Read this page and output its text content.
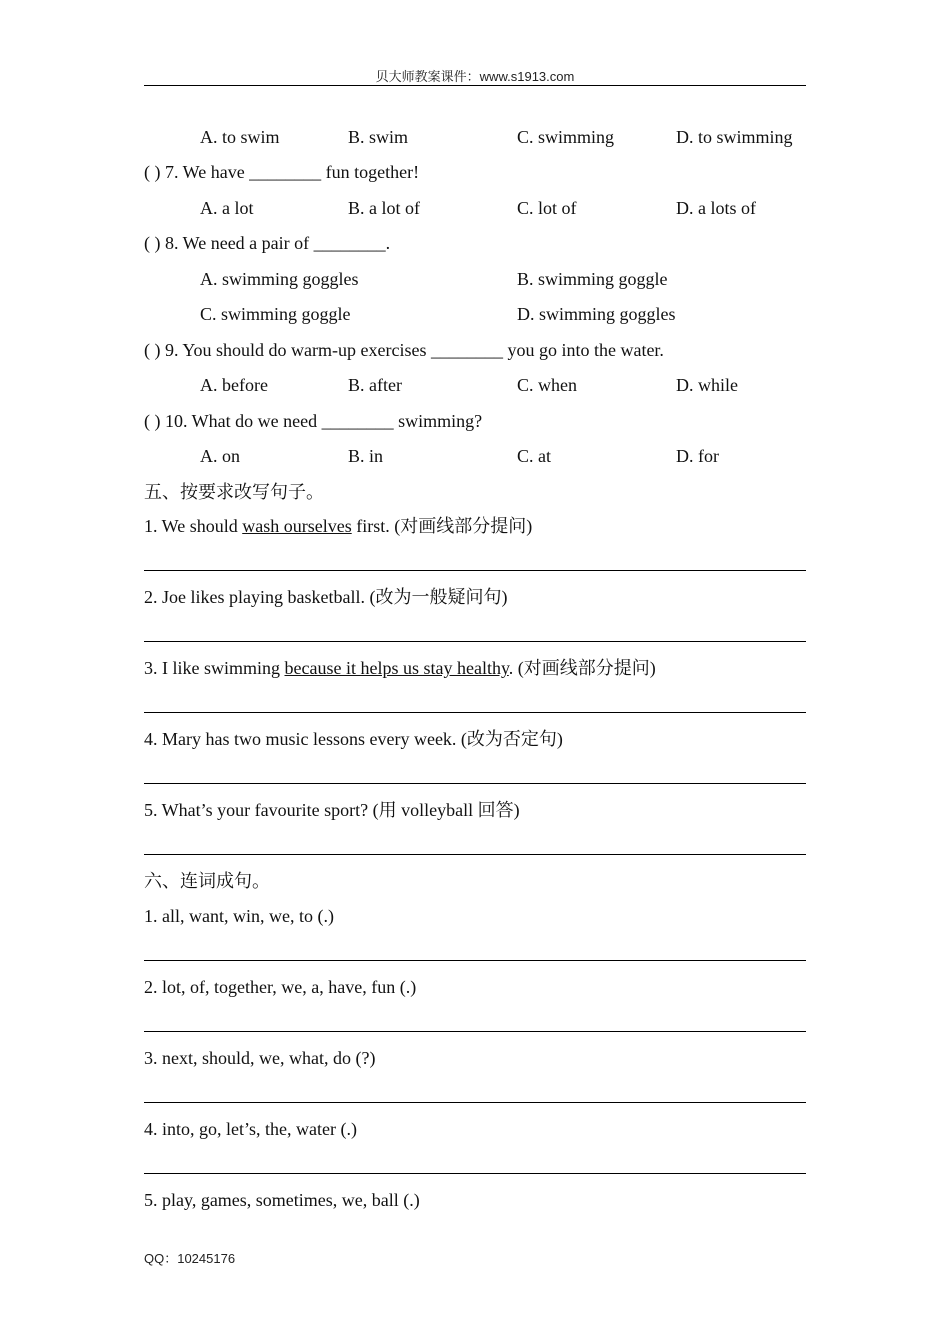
贝大师教案课件：www.s1913.com
A. to swim	B. swim	C. swimming	D. to swimming
( ) 7. We have ________ fun together!
A. a lot	B. a lot of	C. lot of	D. a lots of
( ) 8. We need a pair of ________.
A. swimming goggles	B. swimming goggle
C. swimming goggle	D. swimming goggles
( ) 9. You should do warm-up exercises ________ you go into the water.
A. before	B. after	C. when	D. while
( ) 10. What do we need ________ swimming?
A. on	B. in	C. at	D. for
五、按要求改写句子。
1. We should wash ourselves first. (对画线部分提问)
2. Joe likes playing basketball. (改为一般疑问句)
3. I like swimming because it helps us stay healthy. (对画线部分提问)
4. Mary has two music lessons every week. (改为否定句)
5. What’s your favourite sport? (用 volleyball 回答)
六、连词成句。
1. all, want, win, we, to (.)
2. lot, of, together, we, a, have, fun (.)
3. next, should, we, what, do (?)
4. into, go, let’s, the, water (.)
5. play, games, sometimes, we, ball (.)
QQ：10245176
